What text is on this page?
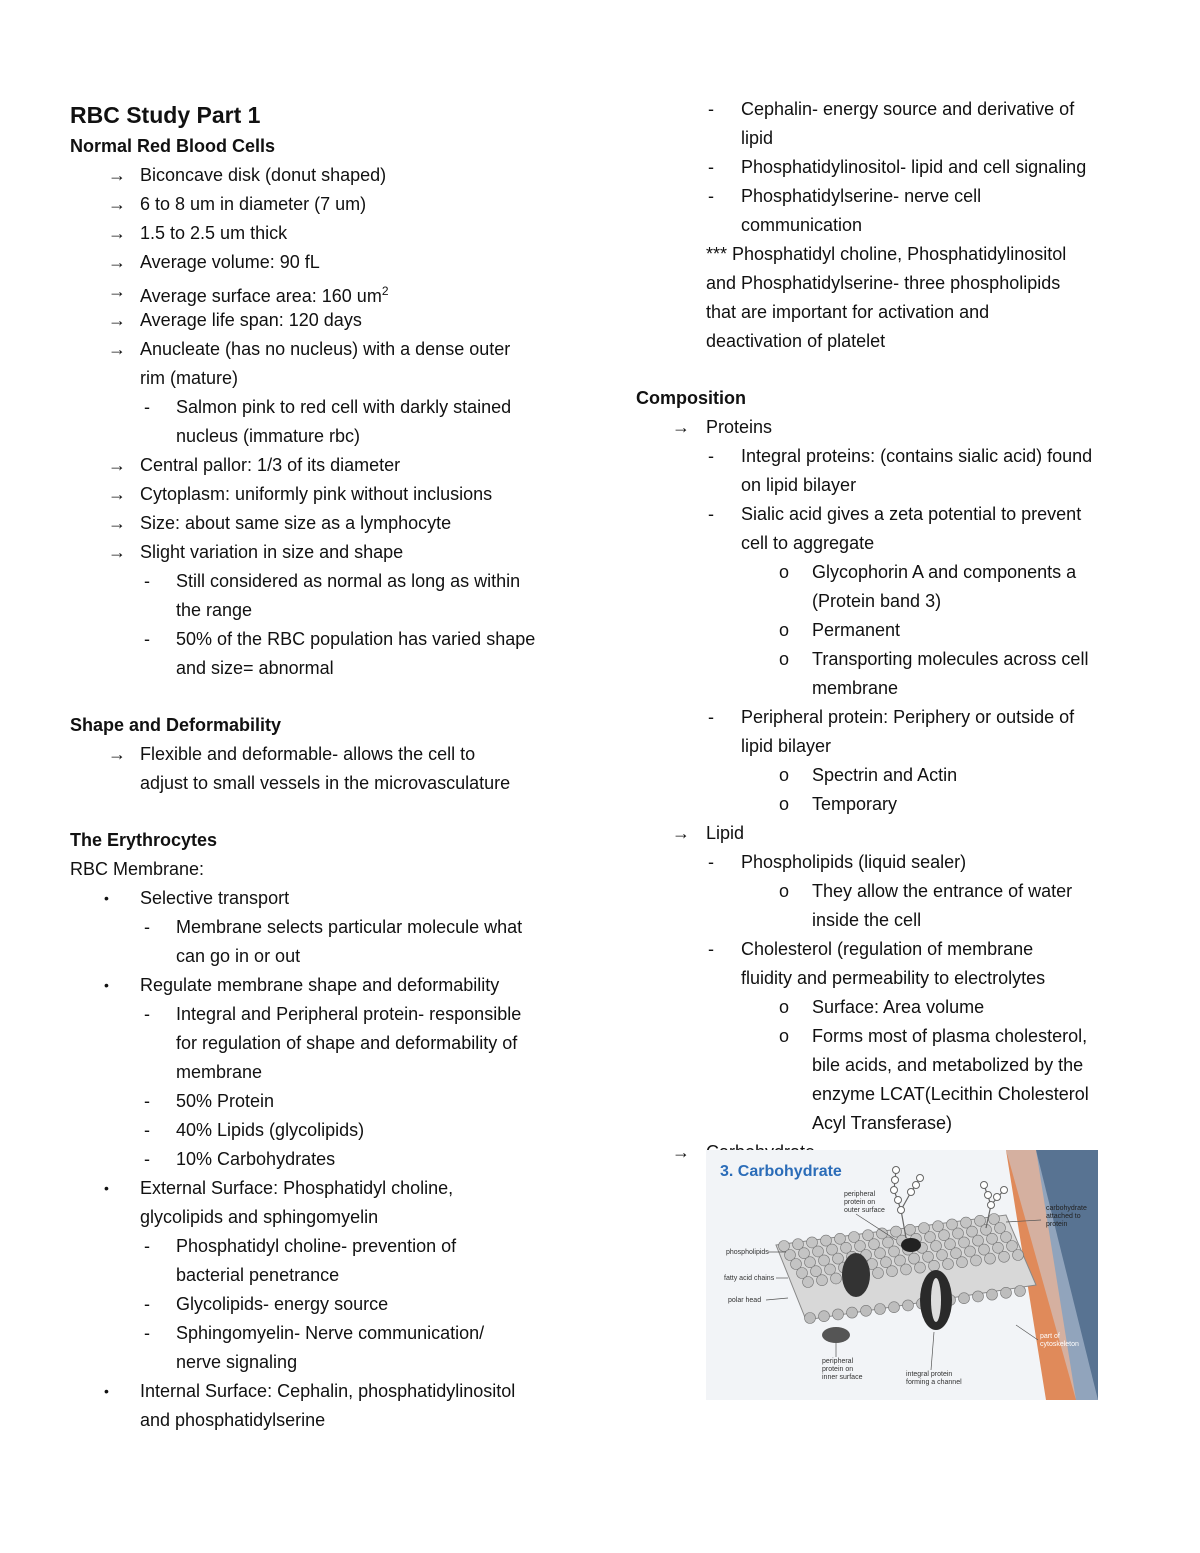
RBC Study Part 1
Normal Red Blood Cells
→ Biconcave disk (donut shaped)
→ 6 to 8 um in diameter (7 um)
→ 1.5 to 2.5 um thick
→ Average volume: 90 fL
→ Average surface area: 160 $um^2$
→ Average life span: 120 days
→ Anucleate (has no nucleus) with a dense outer
rim (mature)
- Salmon pink to red cell with darkly stained
nucleus (immature rbc)
→ Central pallor: 1/3 of its diameter
→ Cytoplasm: uniformly pink without inclusions
→ Size: about same size as a lymphocyte
→ Slight variation in size and shape
- Still considered as normal as long as within
the range
- 50% of the RBC population has varied shape
and size= abnormal
Shape and Deformability
→ Flexible and deformable- allows the cell to
adjust to small vessels in the microvasculature
The Erythrocytes
RBC Membrane:
• Selective transport
- Membrane selects particular molecule what
can go in or out
• Regulate membrane shape and deformability
- Integral and Peripheral protein- responsible
for regulation of shape and deformability of
membrane
- 50% Protein
- 40% Lipids (glycolipids)
- 10% Carbohydrates
• External Surface: Phosphatidyl choline,
glycolipids and sphingomyelin
- Phosphatidyl choline- prevention of
bacterial penetrance
- Glycolipids- energy source
- Sphingomyelin- Nerve communication/
nerve signaling
• Internal Surface: Cephalin, phosphatidylinositol
and phosphatidylserine
- Cephalin- energy source and derivative of
lipid
- Phosphatidylinositol- lipid and cell signaling
- Phosphatidylserine- nerve cell
communication
*** Phosphatidyl choline, Phosphatidylinositol
and Phosphatidylserine- three phospholipids
that are important for activation and
deactivation of platelet
Composition
→ Proteins
- Integral proteins: (contains sialic acid) found
on lipid bilayer
- Sialic acid gives a zeta potential to prevent
cell to aggregate
o Glycophorin A and components a
(Protein band 3)
o Permanent
o Transporting molecules across cell
membrane
- Peripheral protein: Periphery or outside of
lipid bilayer
o Spectrin and Actin
o Temporary
→ Lipid
- Phospholipids (liquid sealer)
o They allow the entrance of water
inside the cell
- Cholesterol (regulation of membrane
fluidity and permeability to electrolytes
o Surface: Area volume
o Forms most of plasma cholesterol,
bile acids, and metabolized by the
enzyme LCAT(Lecithin Cholesterol
Acyl Transferase)
→
3. Carbohydrate
peripheral
protein on
outer surface	carbohydrate
attached to
protein
phospholipids
fatty acid chains
polar head
part of
cytoskeleton
peripheral
protein on
inner surface	integral protein
forming a channel
